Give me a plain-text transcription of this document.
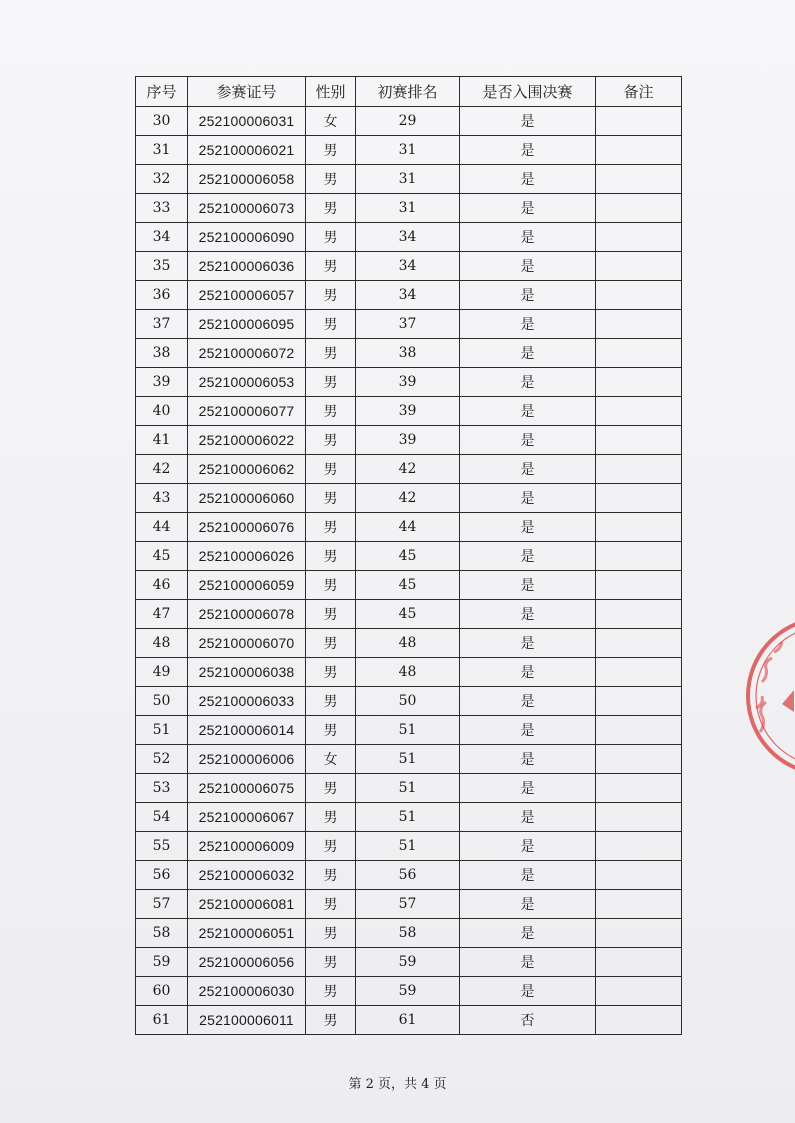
序号	参赛证号	性别	初赛排名	是否入围决赛	备注
30	252100006031	女	29	是	
31	252100006021	男	31	是	
32	252100006058	男	31	是	
33	252100006073	男	31	是	
34	252100006090	男	34	是	
35	252100006036	男	34	是	
36	252100006057	男	34	是	
37	252100006095	男	37	是	
38	252100006072	男	38	是	
39	252100006053	男	39	是	
40	252100006077	男	39	是	
41	252100006022	男	39	是	
42	252100006062	男	42	是	
43	252100006060	男	42	是	
44	252100006076	男	44	是	
45	252100006026	男	45	是	
46	252100006059	男	45	是	
47	252100006078	男	45	是	
48	252100006070	男	48	是	
49	252100006038	男	48	是	
50	252100006033	男	50	是	
51	252100006014	男	51	是	
52	252100006006	女	51	是	
53	252100006075	男	51	是	
54	252100006067	男	51	是	
55	252100006009	男	51	是	
56	252100006032	男	56	是	
57	252100006081	男	57	是	
58	252100006051	男	58	是	
59	252100006056	男	59	是	
60	252100006030	男	59	是	
61	252100006011	男	61	否	
第 2 页，共 4 页
